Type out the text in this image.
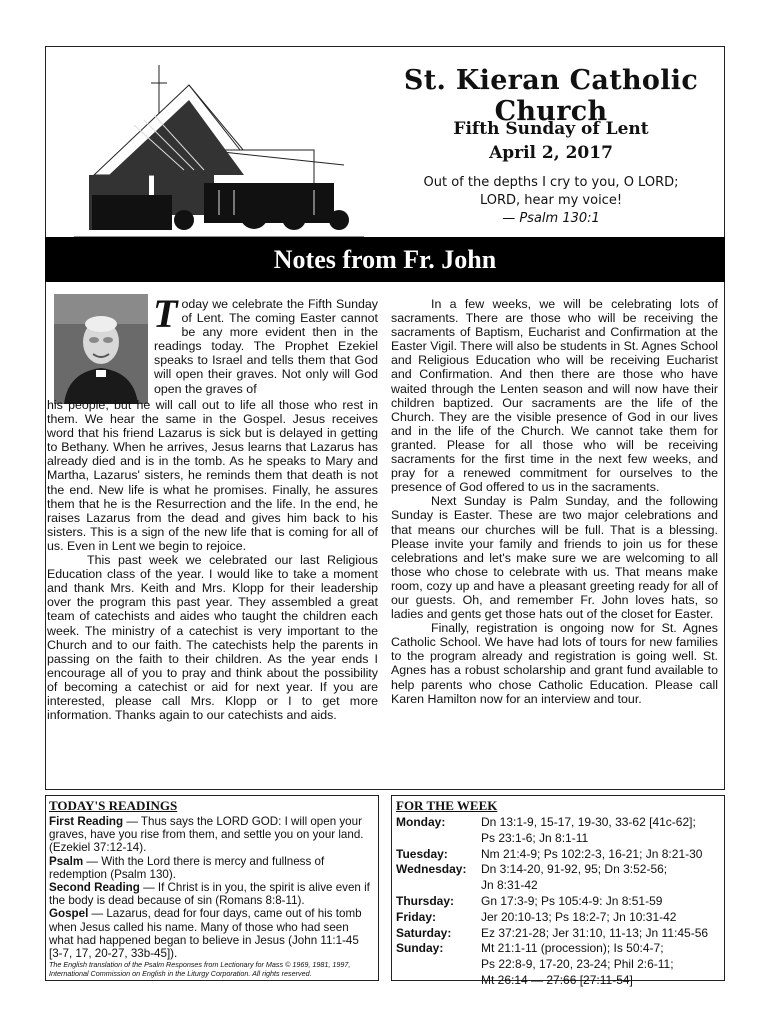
St. Kieran Catholic Church
Fifth Sunday of Lent
April 2, 2017
Out of the depths I cry to you, O LORD;
LORD, hear my voice!
— Psalm 130:1
Notes from Fr. John
Today we celebrate the Fifth Sunday of Lent. The coming Easter cannot be any more evident then in the readings today. The Prophet Ezekiel speaks to Israel and tells them that God will open their graves. Not only will God open the graves of

his people, but he will call out to life all those who rest in them. We hear the same in the Gospel. Jesus receives word that his friend Lazarus is sick but is delayed in getting to Bethany. When he arrives, Jesus learns that Lazarus has already died and is in the tomb. As he speaks to Mary and Martha, Lazarus' sisters, he reminds them that death is not the end. New life is what he promises. Finally, he assures them that he is the Resurrection and the life. In the end, he raises Lazarus from the dead and gives him back to his sisters. This is a sign of the new life that is coming for all of us. Even in Lent we begin to rejoice.

This past week we celebrated our last Religious Education class of the year. I would like to take a moment and thank Mrs. Keith and Mrs. Klopp for their leadership over the program this past year. They assembled a great team of catechists and aides who taught the children each week. The ministry of a catechist is very important to the Church and to our faith. The catechists help the parents in passing on the faith to their children. As the year ends I encourage all of you to pray and think about the possibility of becoming a catechist or aid for next year. If you are interested, please call Mrs. Klopp or I to get more information. Thanks again to our catechists and aids.

In a few weeks, we will be celebrating lots of sacraments. There are those who will be receiving the sacraments of Baptism, Eucharist and Confirmation at the Easter Vigil. There will also be students in St. Agnes School and Religious Education who will be receiving Eucharist and Confirmation. And then there are those who have waited through the Lenten season and will now have their children baptized. Our sacraments are the life of the Church. They are the visible presence of God in our lives and in the life of the Church. We cannot take them for granted. Please for all those who will be receiving sacraments for the first time in the next few weeks, and pray for a renewed commitment for ourselves to the presence of God offered to us in the sacraments.

Next Sunday is Palm Sunday, and the following Sunday is Easter. These are two major celebrations and that means our churches will be full. That is a blessing. Please invite your family and friends to join us for these celebrations and let's make sure we are welcoming to all those who chose to celebrate with us. That means make room, cozy up and have a pleasant greeting ready for all of our guests. Oh, and remember Fr. John loves hats, so ladies and gents get those hats out of the closet for Easter.

Finally, registration is ongoing now for St. Agnes Catholic School. We have had lots of tours for new families to the program already and registration is going well. St. Agnes has a robust scholarship and grant fund available to help parents who chose Catholic Education. Please call Karen Hamilton now for an interview and tour.

TODAY'S READINGS

First Reading — Thus says the LORD GOD: I will open your graves, have you rise from them, and settle you on your land. (Ezekiel 37:12-14).

Psalm — With the Lord there is mercy and fullness of redemption (Psalm 130).

Second Reading — If Christ is in you, the spirit is alive even if the body is dead because of sin (Romans 8:8-11).

Gospel — Lazarus, dead for four days, came out of his tomb when Jesus called his name. Many of those who had seen what had happened began to believe in Jesus (John 11:1-45 [3-7, 17, 20-27, 33b-45]).

The English translation of the Psalm Responses from Lectionary for Mass © 1969, 1981, 1997, International Commission on English in the Liturgy Corporation. All rights reserved.
FOR THE WEEK
Monday:	Dn 13:1-9, 15-17, 19-30, 33-62 [41c-62];
Ps 23:1-6; Jn 8:1-11
Tuesday:	Nm 21:4-9; Ps 102:2-3, 16-21; Jn 8:21-30
Wednesday:	Dn 3:14-20, 91-92, 95; Dn 3:52-56;
Jn 8:31-42
Thursday:	Gn 17:3-9; Ps 105:4-9: Jn 8:51-59
Friday:	Jer 20:10-13; Ps 18:2-7; Jn 10:31-42
Saturday:	Ez 37:21-28; Jer 31:10, 11-13; Jn 11:45-56
Sunday:	Mt 21:1-11 (procession); Is 50:4-7;
Ps 22:8-9, 17-20, 23-24; Phil 2:6-11;
Mt 26:14 — 27:66 [27:11-54]
